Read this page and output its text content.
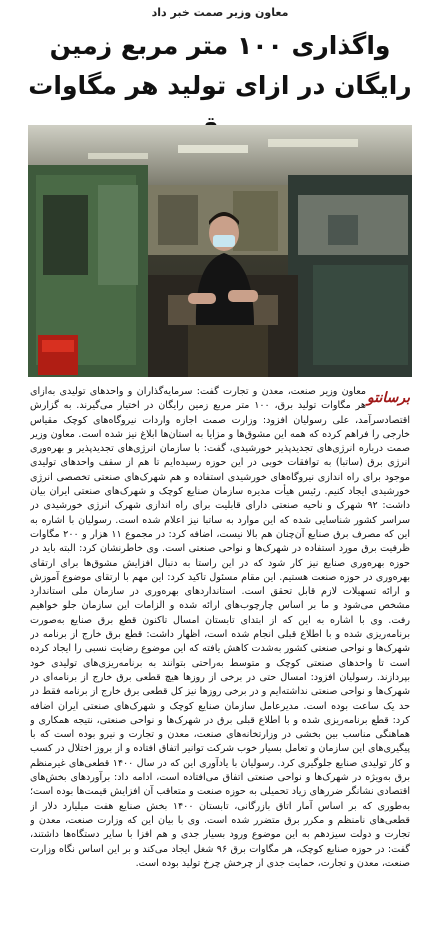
معاون وزیر صمت خبر داد
واگذاری ۱۰۰ متر مربع زمین رایگان در ازای تولید هر مگاوات
برسانتو
معاون وزیر صنعت، معدن و تجارت گفت: سرمایه‌گذاران و واحدهای تولیدی به‌ازای هر مگاوات تولید برق، ۱۰۰ متر مربع زمین رایگان در اختیار می‌گیرند. به گزارش اقتصادسرآمد، علی رسولیان افزود: وزارت صمت اجازه واردات نیروگاه‌های کوچک مقیاس خارجی را فراهم کرده که همه این مشوق‌ها و مزایا به استان‌ها ابلاغ نیز شده است. معاون وزیر صمت درباره انرژی‌های تجدیدپذیر خورشیدی، گفت: با سازمان انرژی‌های تجدیدپذیر و بهره‌وری انرژی برق (ساتبا) به توافقات خوبی در این حوزه رسیده‌ایم تا هم از سقف واحدهای تولیدی موجود برای راه اندازی نیروگاه‌های خورشیدی استفاده و هم شهرک‌های صنعتی تخصصی انرژی خورشیدی ایجاد کنیم. رئیس هیأت مدیره سازمان صنایع کوچک و شهرک‌های صنعتی ایران بیان داشت: ۹۲ شهرک و ناحیه صنعتی دارای قابلیت برای راه اندازی شهرک انرژی خورشیدی در سراسر کشور شناسایی شده که این موارد به ساتبا نیز اعلام شده است. رسولیان با اشاره به این که مصرف برق صنایع آن‌چنان هم بالا نیست، اضافه کرد: در مجموع ۱۱ هزار و ۲۰۰ مگاوات ظرفیت برق مورد استفاده در شهرک‌ها و نواحی صنعتی است. وی خاطرنشان کرد: البته باید در حوزه بهره‌وری صنایع نیز کار شود که در این راستا به دنبال افزایش مشوق‌ها برای ارتقای بهره‌وری در حوزه صنعت هستیم. این مقام مسئول تاکید کرد: این مهم با ارتقای موضوع آموزش و ارائه تسهیلات لازم قابل تحقق است. استانداردهای بهره‌وری در سازمان ملی استاندارد مشخص می‌شود و ما بر اساس چارچوب‌های ارائه شده و الزامات این سازمان جلو خواهیم رفت. وی با اشاره به این که از ابتدای تابستان امسال تاکنون قطع برق صنایع به‌صورت برنامه‌ریزی شده و با اطلاع قبلی انجام شده است، اظهار داشت: قطع برق خارج از برنامه در شهرک‌ها و نواحی صنعتی کشور به‌شدت کاهش یافته که این موضوع رضایت نسبی را ایجاد کرده است تا واحدهای صنعتی کوچک و متوسط به‌راحتی بتوانند به برنامه‌ریزی‌های تولیدی خود بپردازند. رسولیان افزود: امسال حتی در برخی از روزها هیچ قطعی برق خارج از برنامه‌ای در شهرک‌ها و نواحی صنعتی نداشته‌ایم و در برخی روزها نیز کل قطعی برق خارج از برنامه فقط در حد یک ساعت بوده است. مدیرعامل سازمان صنایع کوچک و شهرک‌های صنعتی ایران اضافه کرد: قطع برنامه‌ریزی شده و با اطلاع قبلی برق در شهرک‌ها و نواحی صنعتی، نتیجه همکاری و هماهنگی مناسب بین بخشی در وزارتخانه‌های صنعت، معدن و تجارت و نیرو بوده است که با پیگیری‌های این سازمان و تعامل بسیار خوب شرکت توانیر اتفاق افتاده و از بروز اختلال در کسب و کار تولیدی صنایع جلوگیری کرد. رسولیان با یادآوری این که در سال ۱۴۰۰ قطعی‌های غیرمنظم برق به‌ویژه در شهرک‌ها و نواحی صنعتی اتفاق می‌افتاده است، ادامه داد: برآوردهای بخش‌های اقتصادی نشانگر ضررهای زیاد تحمیلی به حوزه صنعت و متعاقب آن افزایش قیمت‌ها بوده است؛ به‌طوری که بر اساس آمار اتاق بازرگانی، تابستان ۱۴۰۰ بخش صنایع هفت میلیارد دلار از قطعی‌های نامنظم و مکرر برق متضرر شده است. وی با بیان این که وزارت صنعت، معدن و تجارت و دولت سیزدهم به این موضوع ورود بسیار جدی و هم افزا با سایر دستگاه‌ها داشتند، گفت: در حوزه صنایع کوچک، هر مگاوات برق ۹۶ شغل ایجاد می‌کند و بر این اساس نگاه وزارت صنعت، معدن و تجارت، حمایت جدی از چرخش چرخ تولید بوده است.
